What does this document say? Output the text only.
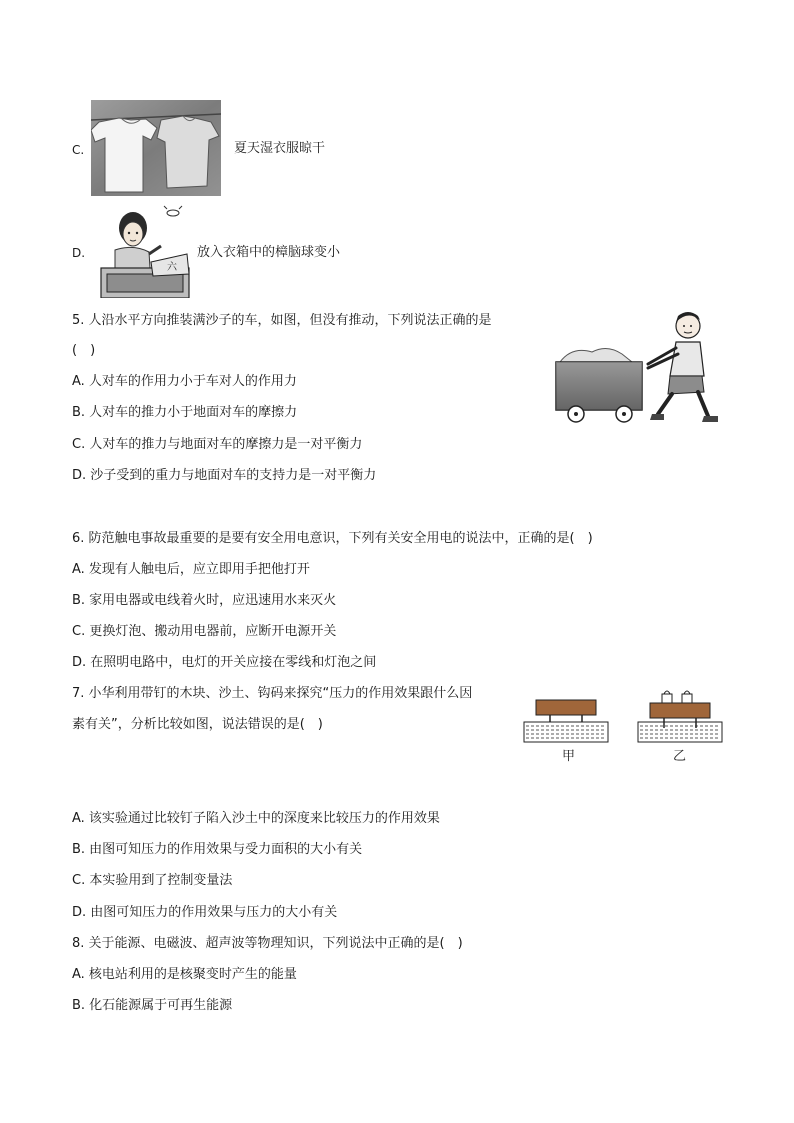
C.	夏天湿衣服晾干
D.
六
放入衣箱中的樟脑球变小
5. 人沿水平方向推装满沙子的车，如图，但没有推动，下列说法正确的是
(　)
A. 人对车的作用力小于车对人的作用力
B. 人对车的推力小于地面对车的摩擦力
C. 人对车的推力与地面对车的摩擦力是一对平衡力
D. 沙子受到的重力与地面对车的支持力是一对平衡力
6. 防范触电事故最重要的是要有安全用电意识，下列有关安全用电的说法中，正确的是(　)
A. 发现有人触电后，应立即用手把他打开
B. 家用电器或电线着火时，应迅速用水来灭火
C. 更换灯泡、搬动用电器前，应断开电源开关
D. 在照明电路中，电灯的开关应接在零线和灯泡之间
7. 小华利用带钉的木块、沙土、钩码来探究“压力的作用效果跟什么因
素有关”，分析比较如图，说法错误的是(　)
甲	乙
A. 该实验通过比较钉子陷入沙土中的深度来比较压力的作用效果
B. 由图可知压力的作用效果与受力面积的大小有关
C. 本实验用到了控制变量法
D. 由图可知压力的作用效果与压力的大小有关
8. 关于能源、电磁波、超声波等物理知识，下列说法中正确的是(　)
A. 核电站利用的是核聚变时产生的能量
B. 化石能源属于可再生能源
